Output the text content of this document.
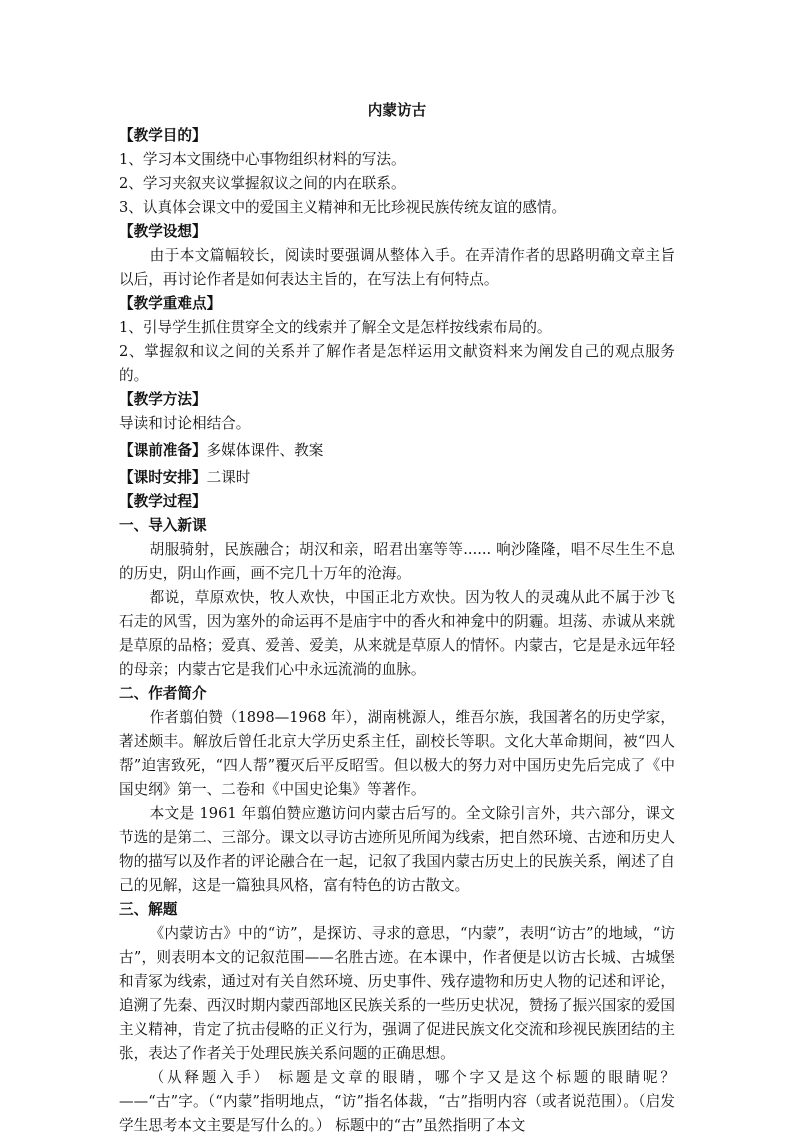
内蒙访古

【教学目的】

1、学习本文围绕中心事物组织材料的写法。

2、学习夹叙夹议掌握叙议之间的内在联系。

3、认真体会课文中的爱国主义精神和无比珍视民族传统友谊的感情。

【教学设想】

由于本文篇幅较长，阅读时要强调从整体入手。在弄清作者的思路明确文章主旨以后，再讨论作者是如何表达主旨的，在写法上有何特点。

【教学重难点】

1、引导学生抓住贯穿全文的线索并了解全文是怎样按线索布局的。

2、掌握叙和议之间的关系并了解作者是怎样运用文献资料来为阐发自己的观点服务的。

【教学方法】

导读和讨论相结合。

【课前准备】多媒体课件、教案

【课时安排】二课时

【教学过程】

一、导入新课

胡服骑射，民族融合；胡汉和亲，昭君出塞等等...... 响沙隆隆，唱不尽生生不息的历史，阴山作画，画不完几十万年的沧海。

都说，草原欢快，牧人欢快，中国正北方欢快。因为牧人的灵魂从此不属于沙飞石走的风雪，因为塞外的命运再不是庙宇中的香火和神龛中的阴霾。坦荡、赤诚从来就是草原的品格；爱真、爱善、爱美，从来就是草原人的情怀。内蒙古，它是是永远年轻的母亲；内蒙古它是我们心中永远流淌的血脉。

二、作者简介

作者翦伯赞（1898—1968 年），湖南桃源人，维吾尔族，我国著名的历史学家，著述颇丰。解放后曾任北京大学历史系主任，副校长等职。文化大革命期间，被“四人帮”迫害致死，“四人帮”覆灭后平反昭雪。但以极大的努力对中国历史先后完成了《中国史纲》第一、二卷和《中国史论集》等著作。

本文是 1961 年翦伯赞应邀访问内蒙古后写的。全文除引言外，共六部分，课文节选的是第二、三部分。课文以寻访古迹所见所闻为线索，把自然环境、古迹和历史人物的描写以及作者的评论融合在一起，记叙了我国内蒙古历史上的民族关系，阐述了自己的见解，这是一篇独具风格，富有特色的访古散文。

三、解题

《内蒙访古》中的“访”，是探访、寻求的意思，“内蒙”，表明“访古”的地域，“访古”，则表明本文的记叙范围——名胜古迹。在本课中，作者便是以访古长城、古城堡和青冢为线索，通过对有关自然环境、历史事件、残存遗物和历史人物的记述和评论，追溯了先秦、西汉时期内蒙西部地区民族关系的一些历史状况，赞扬了振兴国家的爱国主义精神，肯定了抗击侵略的正义行为，强调了促进民族文化交流和珍视民族团结的主张，表达了作者关于处理民族关系问题的正确思想。

（从释题入手） 标题是文章的眼睛，哪个字又是这个标题的眼睛呢？——“古”字。（“内蒙”指明地点，“访”指名体裁，“古”指明内容（或者说范围）。（启发学生思考本文主要是写什么的。） 标题中的“古”虽然指明了本文
